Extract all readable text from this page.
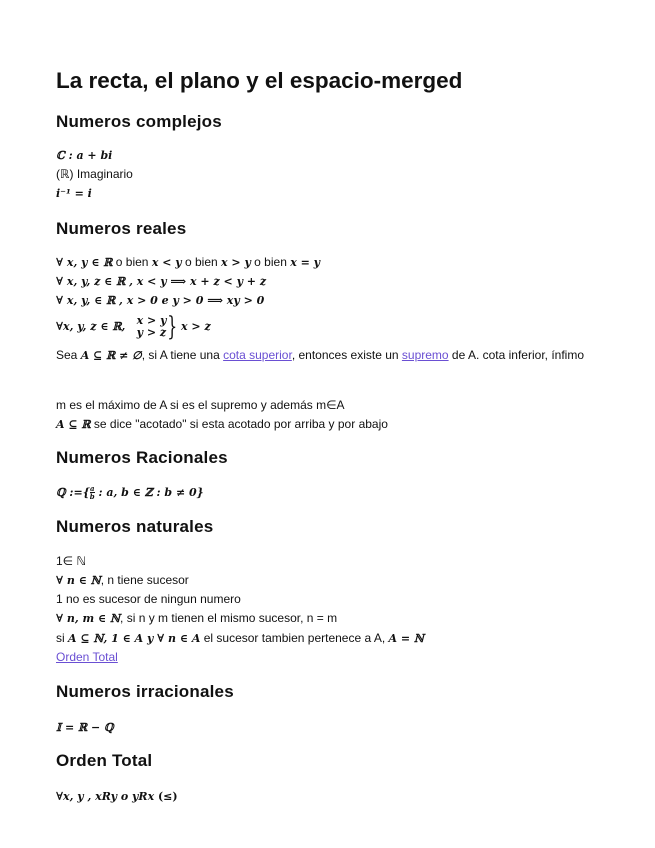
La recta, el plano y el espacio-merged
Numeros complejos
ℂ : a + bi
(ℝ) Imaginario
i⁻¹ = i
Numeros reales
∀ x, y ∈ ℝ o bien x < y o bien x > y o bien x = y
∀ x, y, z ∈ ℝ , x < y ⟹ x + z < y + z
∀ x, y, ∈ ℝ , x > 0 e y > 0 ⟹ xy > 0
∀x, y, z ∈ ℝ, x > y
y > z } x > z
Sea A ⊆ ℝ ≠ ∅, si A tiene una cota superior, entonces existe un supremo de A. cota inferior, ínfimo
m es el máximo de A si es el supremo y además m∈A
A ⊆ ℝ se dice "acotado" si esta acotado por arriba y por abajo
Numeros Racionales
ℚ :={ $\frac{a}{b}$ : a, b ∈ ℤ : b ≠ 0}
Numeros naturales
1∈ ℕ
∀ n ∈ ℕ, n tiene sucesor
1 no es sucesor de ningun numero
∀ n, m ∈ ℕ, si n y m tienen el mismo sucesor, n = m
si A ⊆ ℕ, 1 ∈ A y ∀ n ∈ A el sucesor tambien pertenece a A, A = ℕ
Orden Total
Numeros irracionales
𝕀 = ℝ − ℚ
Orden Total
∀x, y , xRy o yRx (≤)
